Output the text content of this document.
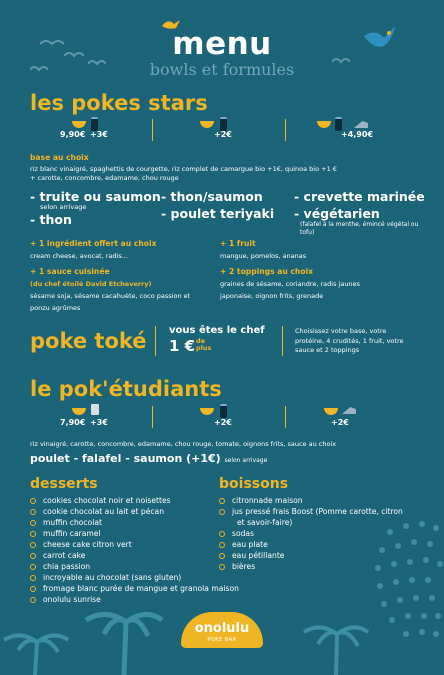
menu
bowls et formules
les pokes stars
9,90€ +3€	+2€	+4,90€
base au choix
riz blanc vinaigré, spaghettis de courgette, riz complet de camargue bio +1€, quinoa bio +1 €
+ carotte, concombre, edamame, chou rouge
- truite ou saumon
selon arrivage
- thon
- thon/saumon
- poulet teriyaki
- crevette marinée
- végétarien
(falafel à la menthe, émincé végétal ou tofu)
+ 1 ingrédient offert au choix
cream cheese, avocat, radis...
+ 1 fruit
mangue, pomelos, ananas
+ 1 sauce cuisinée
(du chef étoilé David Etcheverry)
sésame soja, sésame cacahuète, coco passion et
ponzu agrûmes
+ 2 toppings au choix
graines de sésame, coriandre, radis jaunes
japonaise, oignon frits, grenade
poke toké vous êtes le chef
1 € de
plus
Choisissez votre base, votre
protéine, 4 crudités, 1 fruit, votre
sauce et 2 toppings
le pok'étudiants
7,90€ +3€	+2€	+2€
riz vinaigré, carotte, concombre, edamame, chou rouge, tomate, oignons frits, sauce au choix
poulet - falafel - saumon (+1€) selon arrivage
desserts
cookies chocolat noir et noisettes
cookie chocolat au lait et pécan
muffin chocolat
muffin caramel
cheese cake citron vert
carrot cake
chia passion
incroyable au chocolat (sans gluten)
fromage blanc purée de mangue et granola maison
onolulu sunrise
boissons
citronnade maison
jus pressé frais Boost (Pomme carotte, citron
et savoir-faire)
sodas
eau plate
eau pétillante
bières
onolulu
POKE BAR
